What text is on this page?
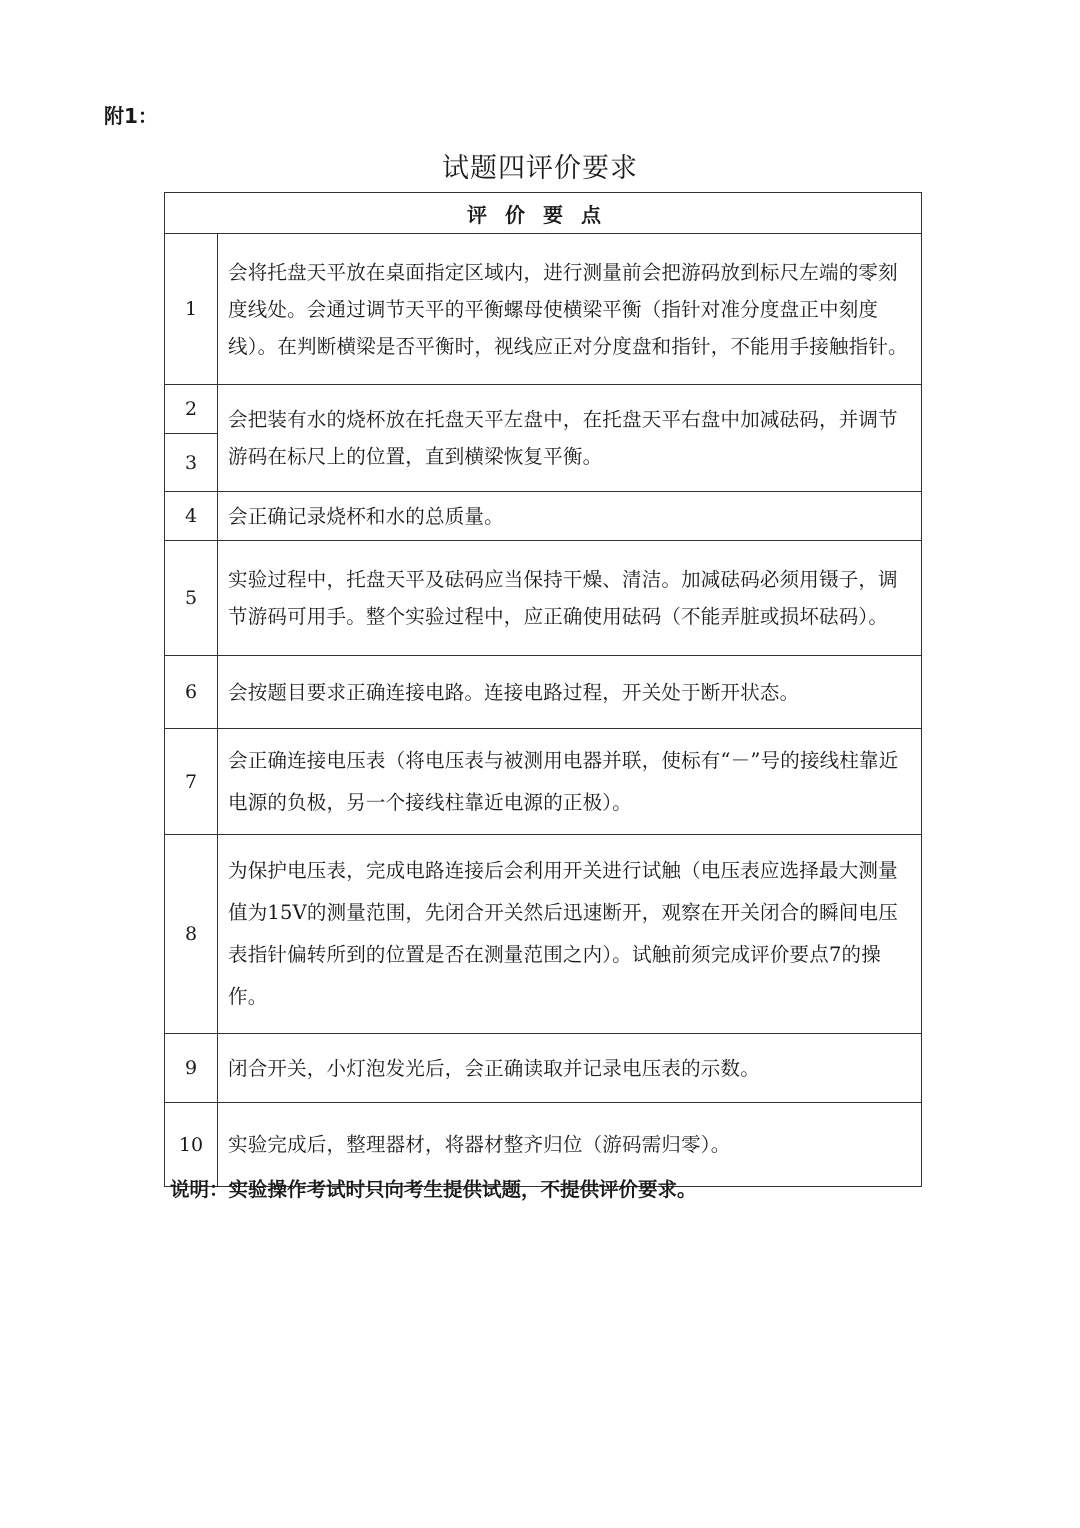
附1：
试题四评价要求
评价要点	
1	会将托盘天平放在桌面指定区域内，进行测量前会把游码放到标尺左端的零刻度线处。会通过调节天平的平衡螺母使横梁平衡（指针对准分度盘正中刻度线）。在判断横梁是否平衡时，视线应正对分度盘和指针，不能用手接触指针。
2	会把装有水的烧杯放在托盘天平左盘中，在托盘天平右盘中加减砝码，并调节游码在标尺上的位置，直到横梁恢复平衡。
3	
4	会正确记录烧杯和水的总质量。
5	实验过程中，托盘天平及砝码应当保持干燥、清洁。加减砝码必须用镊子，调节游码可用手。整个实验过程中，应正确使用砝码（不能弄脏或损坏砝码）。
6	会按题目要求正确连接电路。连接电路过程，开关处于断开状态。
7	会正确连接电压表（将电压表与被测用电器并联，使标有“－”号的接线柱靠近电源的负极，另一个接线柱靠近电源的正极）。
8	为保护电压表，完成电路连接后会利用开关进行试触（电压表应选择最大测量值为15V的测量范围，先闭合开关然后迅速断开，观察在开关闭合的瞬间电压表指针偏转所到的位置是否在测量范围之内）。试触前须完成评价要点7的操作。
9	闭合开关，小灯泡发光后，会正确读取并记录电压表的示数。
10	实验完成后，整理器材，将器材整齐归位（游码需归零）。
说明：实验操作考试时只向考生提供试题，不提供评价要求。
